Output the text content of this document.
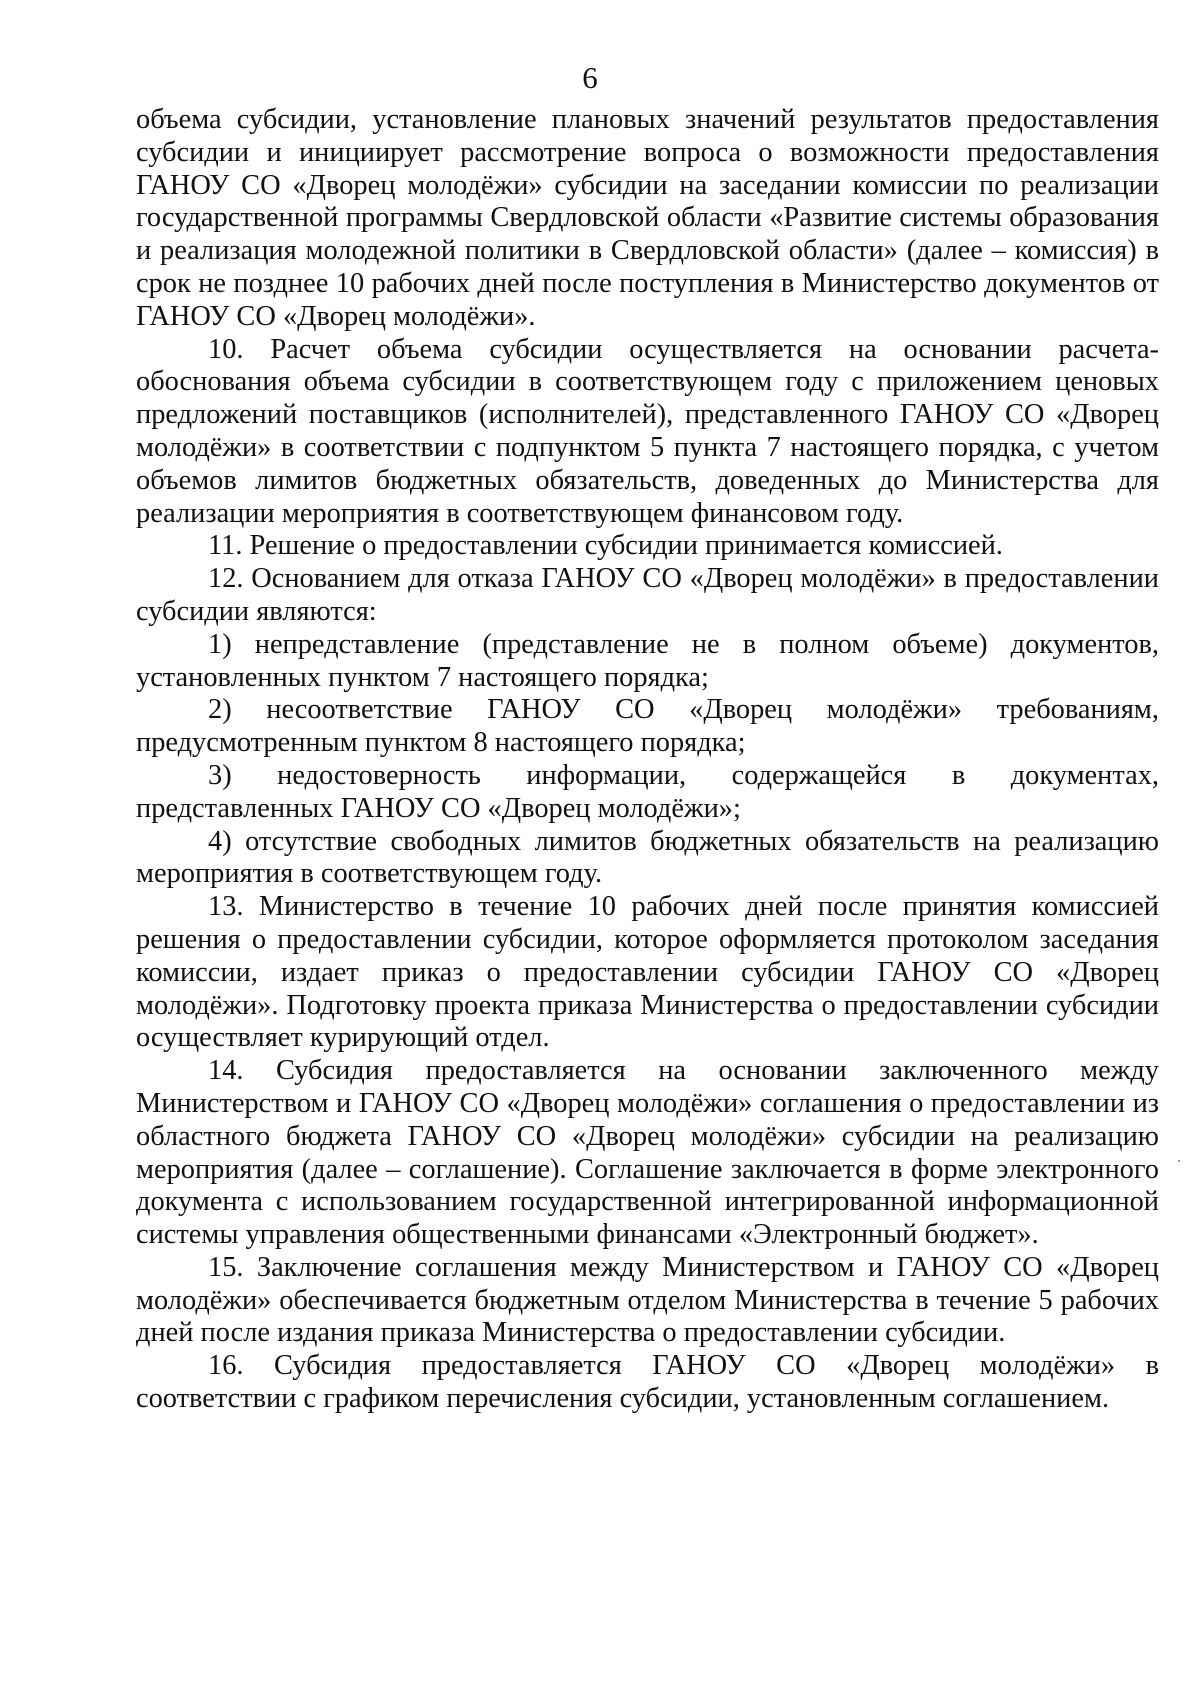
6

объема субсидии, установление плановых значений результатов предоставления субсидии и инициирует рассмотрение вопроса о возможности предоставления ГАНОУ СО «Дворец молодёжи» субсидии на заседании комиссии по реализации государственной программы Свердловской области «Развитие системы образования и реализация молодежной политики в Свердловской области» (далее – комиссия) в срок не позднее 10 рабочих дней после поступления в Министерство документов от ГАНОУ СО «Дворец молодёжи».

10. Расчет объема субсидии осуществляется на основании расчета-обоснования объема субсидии в соответствующем году с приложением ценовых предложений поставщиков (исполнителей), представленного ГАНОУ СО «Дворец молодёжи» в соответствии с подпунктом 5 пункта 7 настоящего порядка, с учетом объемов лимитов бюджетных обязательств, доведенных до Министерства для реализации мероприятия в соответствующем финансовом году.

11. Решение о предоставлении субсидии принимается комиссией.

12. Основанием для отказа ГАНОУ СО «Дворец молодёжи» в предоставлении субсидии являются:

1) непредставление (представление не в полном объеме) документов, установленных пунктом 7 настоящего порядка;

2) несоответствие ГАНОУ СО «Дворец молодёжи» требованиям, предусмотренным пунктом 8 настоящего порядка;

3) недостоверность информации, содержащейся в документах, представленных ГАНОУ СО «Дворец молодёжи»;

4) отсутствие свободных лимитов бюджетных обязательств на реализацию мероприятия в соответствующем году.

13. Министерство в течение 10 рабочих дней после принятия комиссией решения о предоставлении субсидии, которое оформляется протоколом заседания комиссии, издает приказ о предоставлении субсидии ГАНОУ СО «Дворец молодёжи». Подготовку проекта приказа Министерства о предоставлении субсидии осуществляет курирующий отдел.

14. Субсидия предоставляется на основании заключенного между Министерством и ГАНОУ СО «Дворец молодёжи» соглашения о предоставлении из областного бюджета ГАНОУ СО «Дворец молодёжи» субсидии на реализацию мероприятия (далее – соглашение). Соглашение заключается в форме электронного документа с использованием государственной интегрированной информационной системы управления общественными финансами «Электронный бюджет».

15. Заключение соглашения между Министерством и ГАНОУ СО «Дворец молодёжи» обеспечивается бюджетным отделом Министерства в течение 5 рабочих дней после издания приказа Министерства о предоставлении субсидии.

16. Субсидия предоставляется ГАНОУ СО «Дворец молодёжи» в соответствии с графиком перечисления субсидии, установленным соглашением.
